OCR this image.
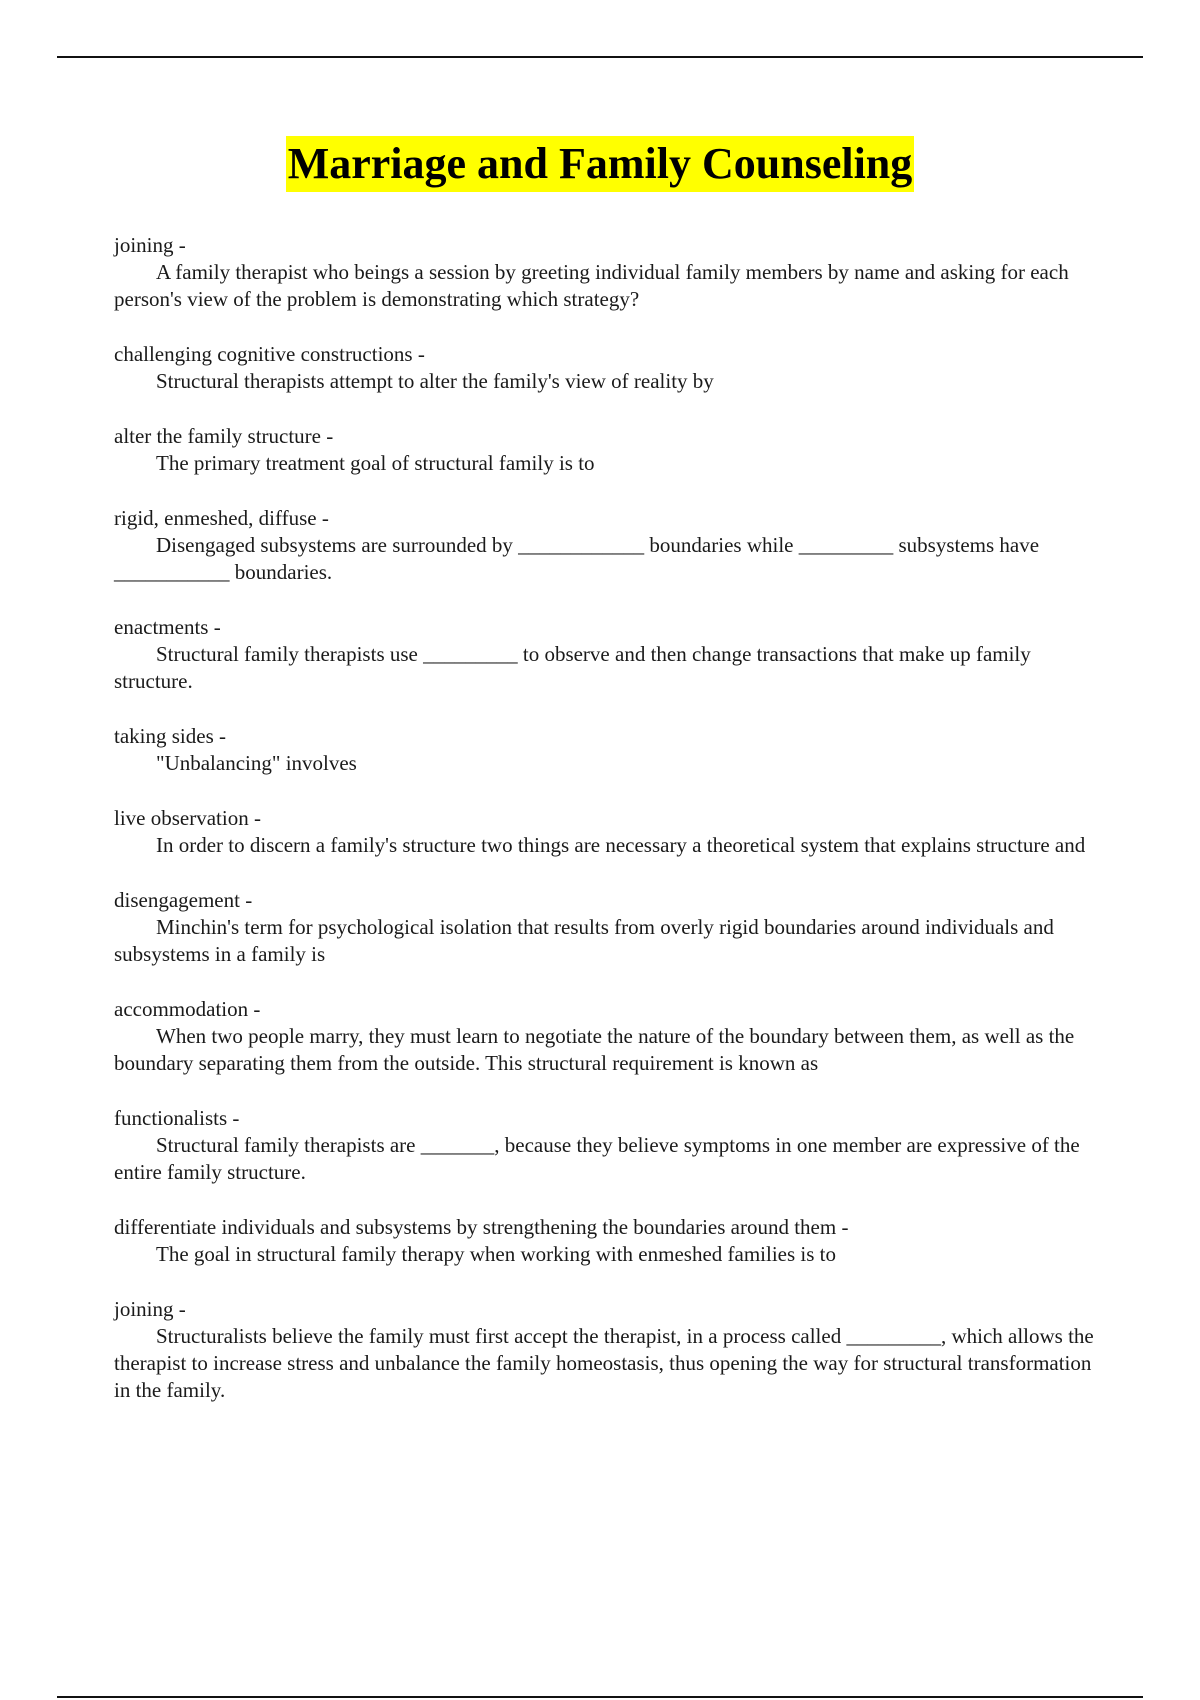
Marriage and Family Counseling
joining -
A family therapist who beings a session by greeting individual family members by name and asking for each person's view of the problem is demonstrating which strategy?
challenging cognitive constructions -
Structural therapists attempt to alter the family's view of reality by
alter the family structure -
The primary treatment goal of structural family is to
rigid, enmeshed, diffuse -
Disengaged subsystems are surrounded by ____________ boundaries while _________ subsystems have ___________ boundaries.
enactments -
Structural family therapists use _________ to observe and then change transactions that make up family structure.
taking sides -
"Unbalancing" involves
live observation -
In order to discern a family's structure two things are necessary a theoretical system that explains structure and
disengagement -
Minchin's term for psychological isolation that results from overly rigid boundaries around individuals and subsystems in a family is
accommodation -
When two people marry, they must learn to negotiate the nature of the boundary between them, as well as the boundary separating them from the outside. This structural requirement is known as
functionalists -
Structural family therapists are _______, because they believe symptoms in one member are expressive of the entire family structure.
differentiate individuals and subsystems by strengthening the boundaries around them -
The goal in structural family therapy when working with enmeshed families is to
joining -
Structuralists believe the family must first accept the therapist, in a process called _________, which allows the therapist to increase stress and unbalance the family homeostasis, thus opening the way for structural transformation in the family.
